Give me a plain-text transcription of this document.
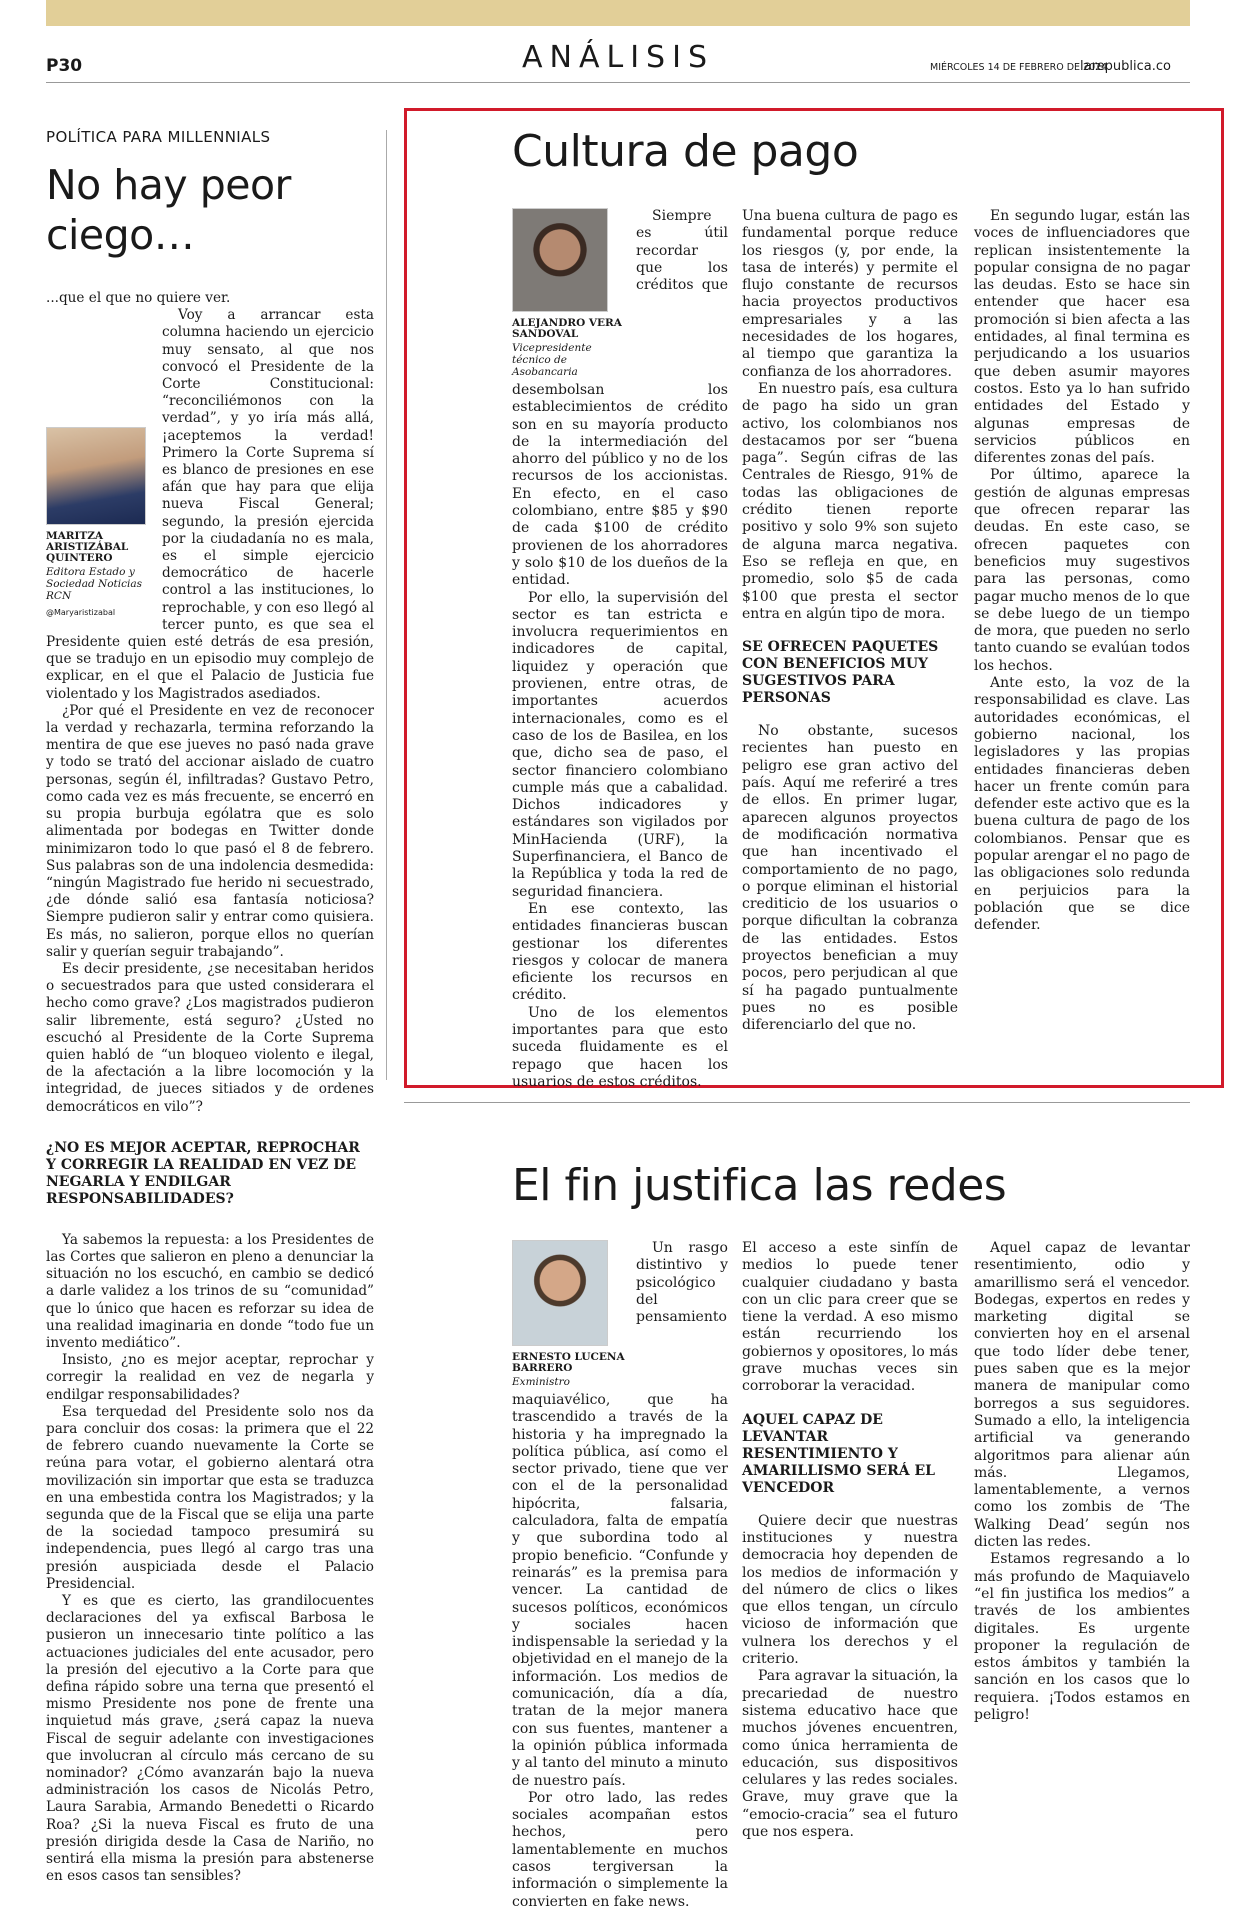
P30	ANÁLISIS	MIÉRCOLES 14 DE FEBRERO DE 2024
larepublica.co
POLÍTICA PARA MILLENNIALS
No hay peor ciego…

...que el que no quiere ver.

MARITZA ARISTIZÁBAL QUINTERO
Editora Estado y Sociedad Noticias RCN
@Maryaristizabal

Voy a arrancar esta columna haciendo un ejercicio muy sensato, al que nos convocó el Presidente de la Corte Constitucional: “reconciliémonos con la verdad”, y yo iría más allá, ¡aceptemos la verdad! Primero la Corte Suprema sí es blanco de presiones en ese afán que hay para que elija nueva Fiscal General; segundo, la presión ejercida por la ciudadanía no es mala, es el simple ejercicio democrático de hacerle control a las instituciones, lo reprochable, y con eso llegó al tercer punto, es que sea el Presidente quien esté detrás de esa presión, que se tradujo en un episodio muy complejo de explicar, en el que el Palacio de Justicia fue violentado y los Magistrados asediados.

¿Por qué el Presidente en vez de reconocer la verdad y rechazarla, termina reforzando la mentira de que ese jueves no pasó nada grave y todo se trató del accionar aislado de cuatro personas, según él, infiltradas? Gustavo Petro, como cada vez es más frecuente, se encerró en su propia burbuja ególatra que es solo alimentada por bodegas en Twitter donde minimizaron todo lo que pasó el 8 de febrero. Sus palabras son de una indolencia desmedida: “ningún Magistrado fue herido ni secuestrado, ¿de dónde salió esa fantasía noticiosa? Siempre pudieron salir y entrar como quisiera. Es más, no salieron, porque ellos no querían salir y querían seguir trabajando”.

Es decir presidente, ¿se necesitaban heridos o secuestrados para que usted considerara el hecho como grave? ¿Los magistrados pudieron salir libremente, está seguro? ¿Usted no escuchó al Presidente de la Corte Suprema quien habló de “un bloqueo violento e ilegal, de la afectación a la libre locomoción y la integridad, de jueces sitiados y de ordenes democráticos en vilo”?

¿NO ES MEJOR ACEPTAR, REPROCHAR Y CORREGIR LA REALIDAD EN VEZ DE NEGARLA Y ENDILGAR RESPONSABILIDADES?

Ya sabemos la repuesta: a los Presidentes de las Cortes que salieron en pleno a denunciar la situación no los escuchó, en cambio se dedicó a darle validez a los trinos de su “comunidad” que lo único que hacen es reforzar su idea de una realidad imaginaria en donde “todo fue un invento mediático”.

Insisto, ¿no es mejor aceptar, reprochar y corregir la realidad en vez de negarla y endilgar responsabilidades?

Esa terquedad del Presidente solo nos da para concluir dos cosas: la primera que el 22 de febrero cuando nuevamente la Corte se reúna para votar, el gobierno alentará otra movilización sin importar que esta se traduzca en una embestida contra los Magistrados; y la segunda que de la Fiscal que se elija una parte de la sociedad tampoco presumirá su independencia, pues llegó al cargo tras una presión auspiciada desde el Palacio Presidencial.

Y es que es cierto, las grandilocuentes declaraciones del ya exfiscal Barbosa le pusieron un innecesario tinte político a las actuaciones judiciales del ente acusador, pero la presión del ejecutivo a la Corte para que defina rápido sobre una terna que presentó el mismo Presidente nos pone de frente una inquietud más grave, ¿será capaz la nueva Fiscal de seguir adelante con investigaciones que involucran al círculo más cercano de su nominador? ¿Cómo avanzarán bajo la nueva administración los casos de Nicolás Petro, Laura Sarabia, Armando Benedetti o Ricardo Roa? ¿Si la nueva Fiscal es fruto de una presión dirigida desde la Casa de Nariño, no sentirá ella misma la presión para abstenerse en esos casos tan sensibles?

Cultura de pago
ALEJANDRO VERA SANDOVAL
Vicepresidente técnico de Asobancaria

Siempre es útil recordar que los créditos que desembolsan los establecimientos de crédito son en su mayoría producto de la intermediación del ahorro del público y no de los recursos de los accionistas. En efecto, en el caso colombiano, entre $85 y $90 de cada $100 de crédito provienen de los ahorradores y solo $10 de los dueños de la entidad.

Por ello, la supervisión del sector es tan estricta e involucra requerimientos en indicadores de capital, liquidez y operación que provienen, entre otras, de importantes acuerdos internacionales, como es el caso de los de Basilea, en los que, dicho sea de paso, el sector financiero colombiano cumple más que a cabalidad. Dichos indicadores y estándares son vigilados por MinHacienda (URF), la Superfinanciera, el Banco de la República y toda la red de seguridad financiera.

En ese contexto, las entidades financieras buscan gestionar los diferentes riesgos y colocar de manera eficiente los recursos en crédito.

Uno de los elementos importantes para que esto suceda fluidamente es el repago que hacen los usuarios de estos créditos.

Una buena cultura de pago es fundamental porque reduce los riesgos (y, por ende, la tasa de interés) y permite el flujo constante de recursos hacia proyectos productivos empresariales y a las necesidades de los hogares, al tiempo que garantiza la confianza de los ahorradores.

En nuestro país, esa cultura de pago ha sido un gran activo, los colombianos nos destacamos por ser “buena paga”. Según cifras de las Centrales de Riesgo, 91% de todas las obligaciones de crédito tienen reporte positivo y solo 9% son sujeto de alguna marca negativa. Eso se refleja en que, en promedio, solo $5 de cada $100 que presta el sector entra en algún tipo de mora.

SE OFRECEN PAQUETES CON BENEFICIOS MUY SUGESTIVOS PARA PERSONAS

No obstante, sucesos recientes han puesto en peligro ese gran activo del país. Aquí me referiré a tres de ellos. En primer lugar, aparecen algunos proyectos de modificación normativa que han incentivado el comportamiento de no pago, o porque eliminan el historial crediticio de los usuarios o porque dificultan la cobranza de las entidades. Estos proyectos benefician a muy pocos, pero perjudican al que sí ha pagado puntualmente pues no es posible diferenciarlo del que no.

En segundo lugar, están las voces de influenciadores que replican insistentemente la popular consigna de no pagar las deudas. Esto se hace sin entender que hacer esa promoción si bien afecta a las entidades, al final termina es perjudicando a los usuarios que deben asumir mayores costos. Esto ya lo han sufrido entidades del Estado y algunas empresas de servicios públicos en diferentes zonas del país.

Por último, aparece la gestión de algunas empresas que ofrecen reparar las deudas. En este caso, se ofrecen paquetes con beneficios muy sugestivos para las personas, como pagar mucho menos de lo que se debe luego de un tiempo de mora, que pueden no serlo tanto cuando se evalúan todos los hechos.

Ante esto, la voz de la responsabilidad es clave. Las autoridades económicas, el gobierno nacional, los legisladores y las propias entidades financieras deben hacer un frente común para defender este activo que es la buena cultura de pago de los colombianos. Pensar que es popular arengar el no pago de las obligaciones solo redunda en perjuicios para la población que se dice defender.

El fin justifica las redes
ERNESTO LUCENA BARRERO
Exministro

Un rasgo distintivo y psicológico del pensamiento maquiavélico, que ha trascendido a través de la historia y ha impregnado la política pública, así como el sector privado, tiene que ver con el de la personalidad hipócrita, falsaria, calculadora, falta de empatía y que subordina todo al propio beneficio. “Confunde y reinarás” es la premisa para vencer. La cantidad de sucesos políticos, económicos y sociales hacen indispensable la seriedad y la objetividad en el manejo de la información. Los medios de comunicación, día a día, tratan de la mejor manera con sus fuentes, mantener a la opinión pública informada y al tanto del minuto a minuto de nuestro país.

Por otro lado, las redes sociales acompañan estos hechos, pero lamentablemente en muchos casos tergiversan la información o simplemente la convierten en fake news.

El acceso a este sinfín de medios lo puede tener cualquier ciudadano y basta con un clic para creer que se tiene la verdad. A eso mismo están recurriendo los gobiernos y opositores, lo más grave muchas veces sin corroborar la veracidad.

AQUEL CAPAZ DE LEVANTAR RESENTIMIENTO Y AMARILLISMO SERÁ EL VENCEDOR

Quiere decir que nuestras instituciones y nuestra democracia hoy dependen de los medios de información y del número de clics o likes que ellos tengan, un círculo vicioso de información que vulnera los derechos y el criterio.

Para agravar la situación, la precariedad de nuestro sistema educativo hace que muchos jóvenes encuentren, como única herramienta de educación, sus dispositivos celulares y las redes sociales. Grave, muy grave que la “emocio-cracia” sea el futuro que nos espera.

Aquel capaz de levantar resentimiento, odio y amarillismo será el vencedor. Bodegas, expertos en redes y marketing digital se convierten hoy en el arsenal que todo líder debe tener, pues saben que es la mejor manera de manipular como borregos a sus seguidores. Sumado a ello, la inteligencia artificial va generando algoritmos para alienar aún más. Llegamos, lamentablemente, a vernos como los zombis de ‘The Walking Dead’ según nos dicten las redes.

Estamos regresando a lo más profundo de Maquiavelo “el fin justifica los medios” a través de los ambientes digitales. Es urgente proponer la regulación de estos ámbitos y también la sanción en los casos que lo requiera. ¡Todos estamos en peligro!
